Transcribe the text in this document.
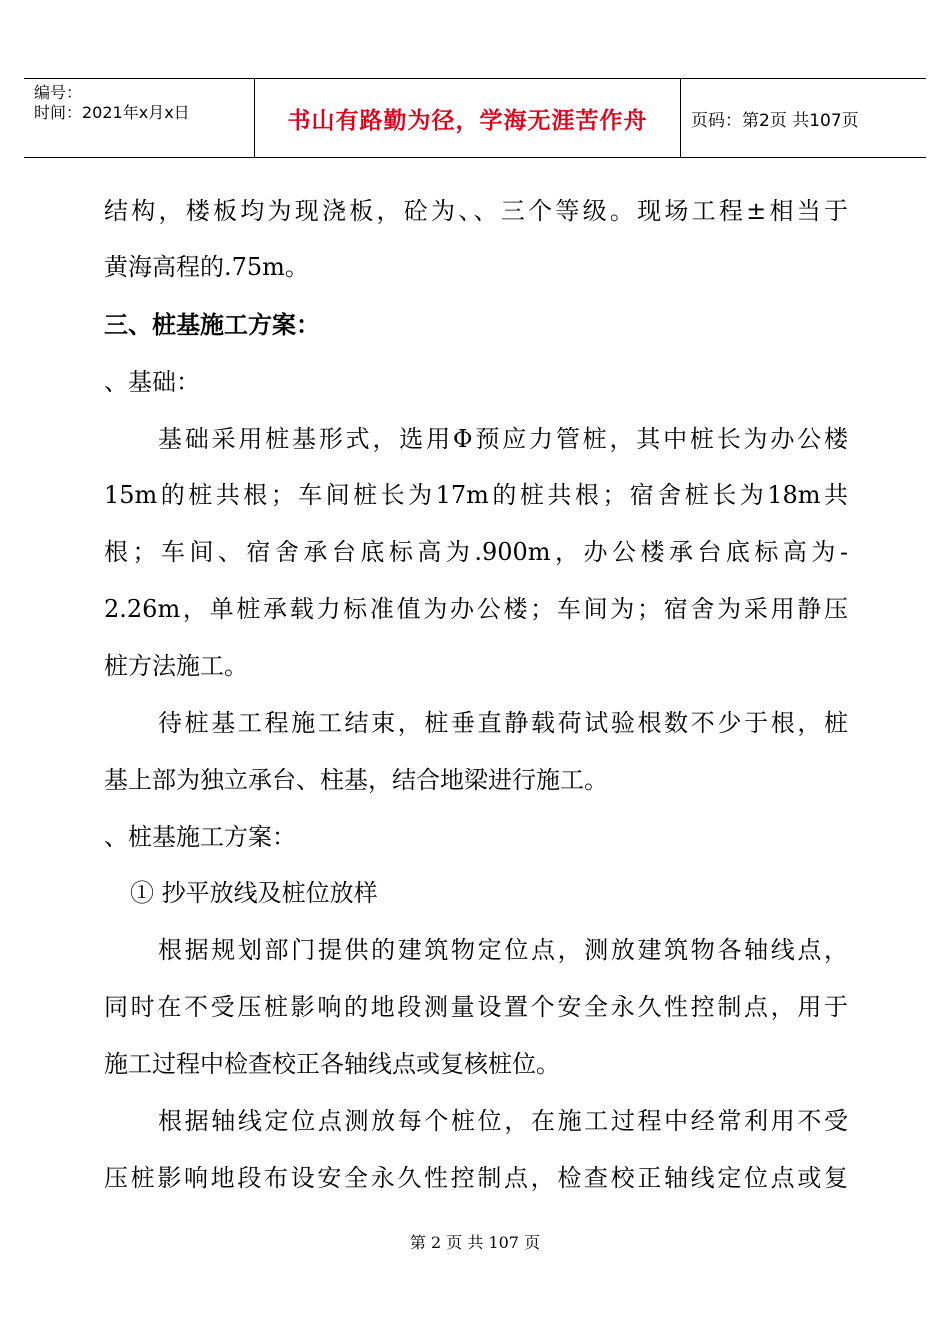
编号：
时间：2021年x月x日	书山有路勤为径，学海无涯苦作舟	页码：第2页 共107页
结构，楼板均为现浇板，砼为、、三个等级。现场工程±相当于
黄海高程的.75m。
三、桩基施工方案：
、基础：
基础采用桩基形式，选用Φ预应力管桩，其中桩长为办公楼
15m的桩共根；车间桩长为17m的桩共根；宿舍桩长为18m共
根；车间、宿舍承台底标高为.900m，办公楼承台底标高为-
2.26m，单桩承载力标准值为办公楼；车间为；宿舍为采用静压
桩方法施工。
待桩基工程施工结束，桩垂直静载荷试验根数不少于根，桩
基上部为独立承台、柱基，结合地梁进行施工。
、桩基施工方案：
① 抄平放线及桩位放样
根据规划部门提供的建筑物定位点，测放建筑物各轴线点，
同时在不受压桩影响的地段测量设置个安全永久性控制点，用于
施工过程中检查校正各轴线点或复核桩位。
根据轴线定位点测放每个桩位，在施工过程中经常利用不受
压桩影响地段布设安全永久性控制点，检查校正轴线定位点或复
第 2 页 共 107 页
